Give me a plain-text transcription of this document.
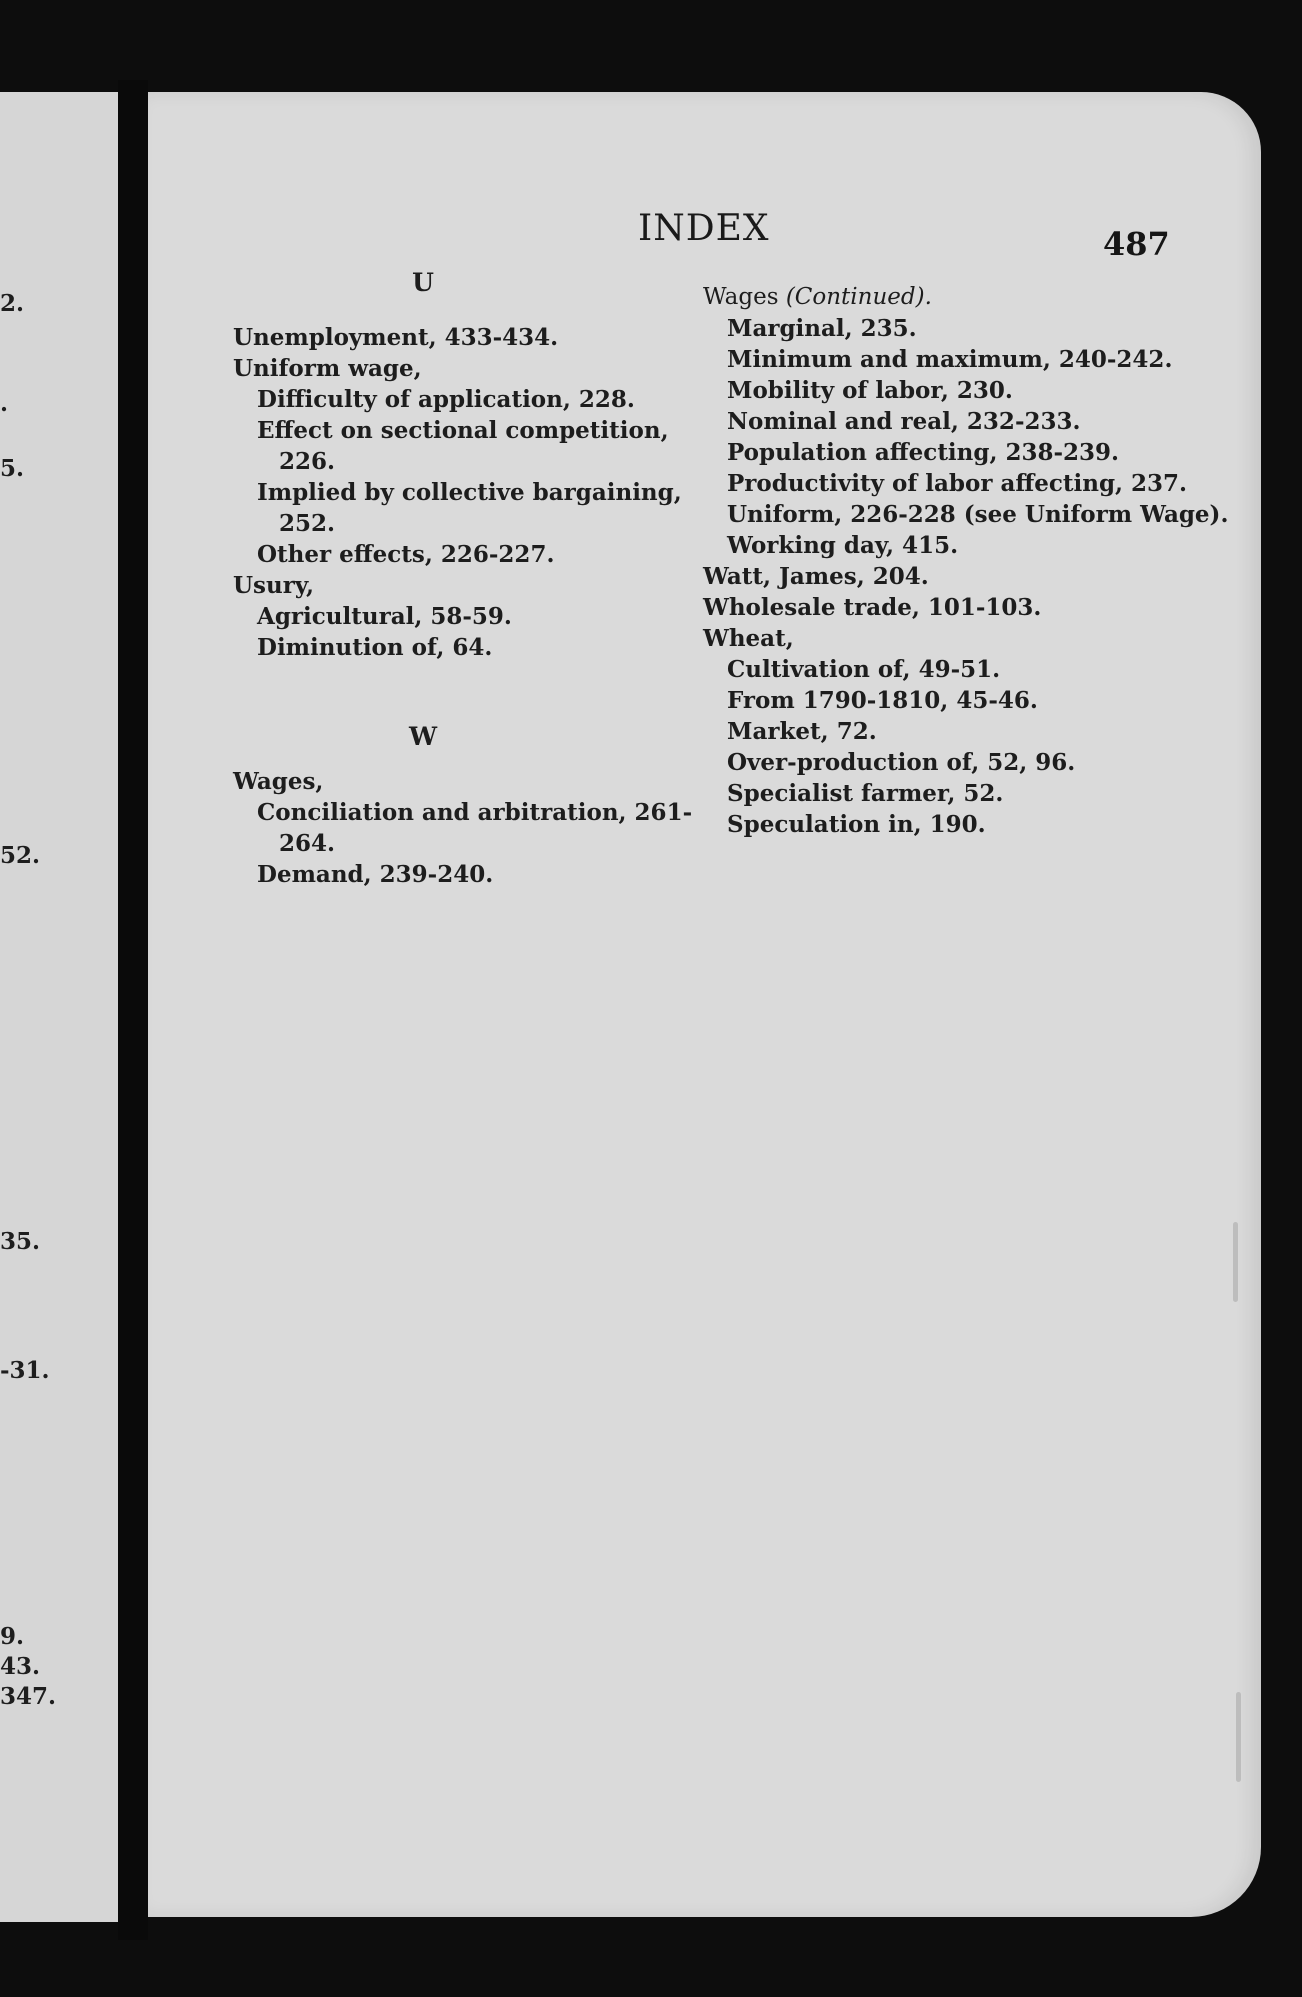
2.
.
5.
52.
35.
-31.
9.
43.
347.
INDEX	487

U

Unemployment, 433-434.

Uniform wage,

Difficulty of application, 228.

Effect on sectional competition, 226.

Implied by collective bargaining, 252.

Other effects, 226-227.

Usury,

Agricultural, 58-59.

Diminution of, 64.

W

Wages,

Conciliation and arbitration, 261-264.

Demand, 239-240.

Wages (Continued).

Marginal, 235.

Minimum and maximum, 240-242.

Mobility of labor, 230.

Nominal and real, 232-233.

Population affecting, 238-239.

Productivity of labor affecting, 237.

Uniform, 226-228 (see Uniform Wage).

Working day, 415.

Watt, James, 204.

Wholesale trade, 101-103.

Wheat,

Cultivation of, 49-51.

From 1790-1810, 45-46.

Market, 72.

Over-production of, 52, 96.

Specialist farmer, 52.

Speculation in, 190.
